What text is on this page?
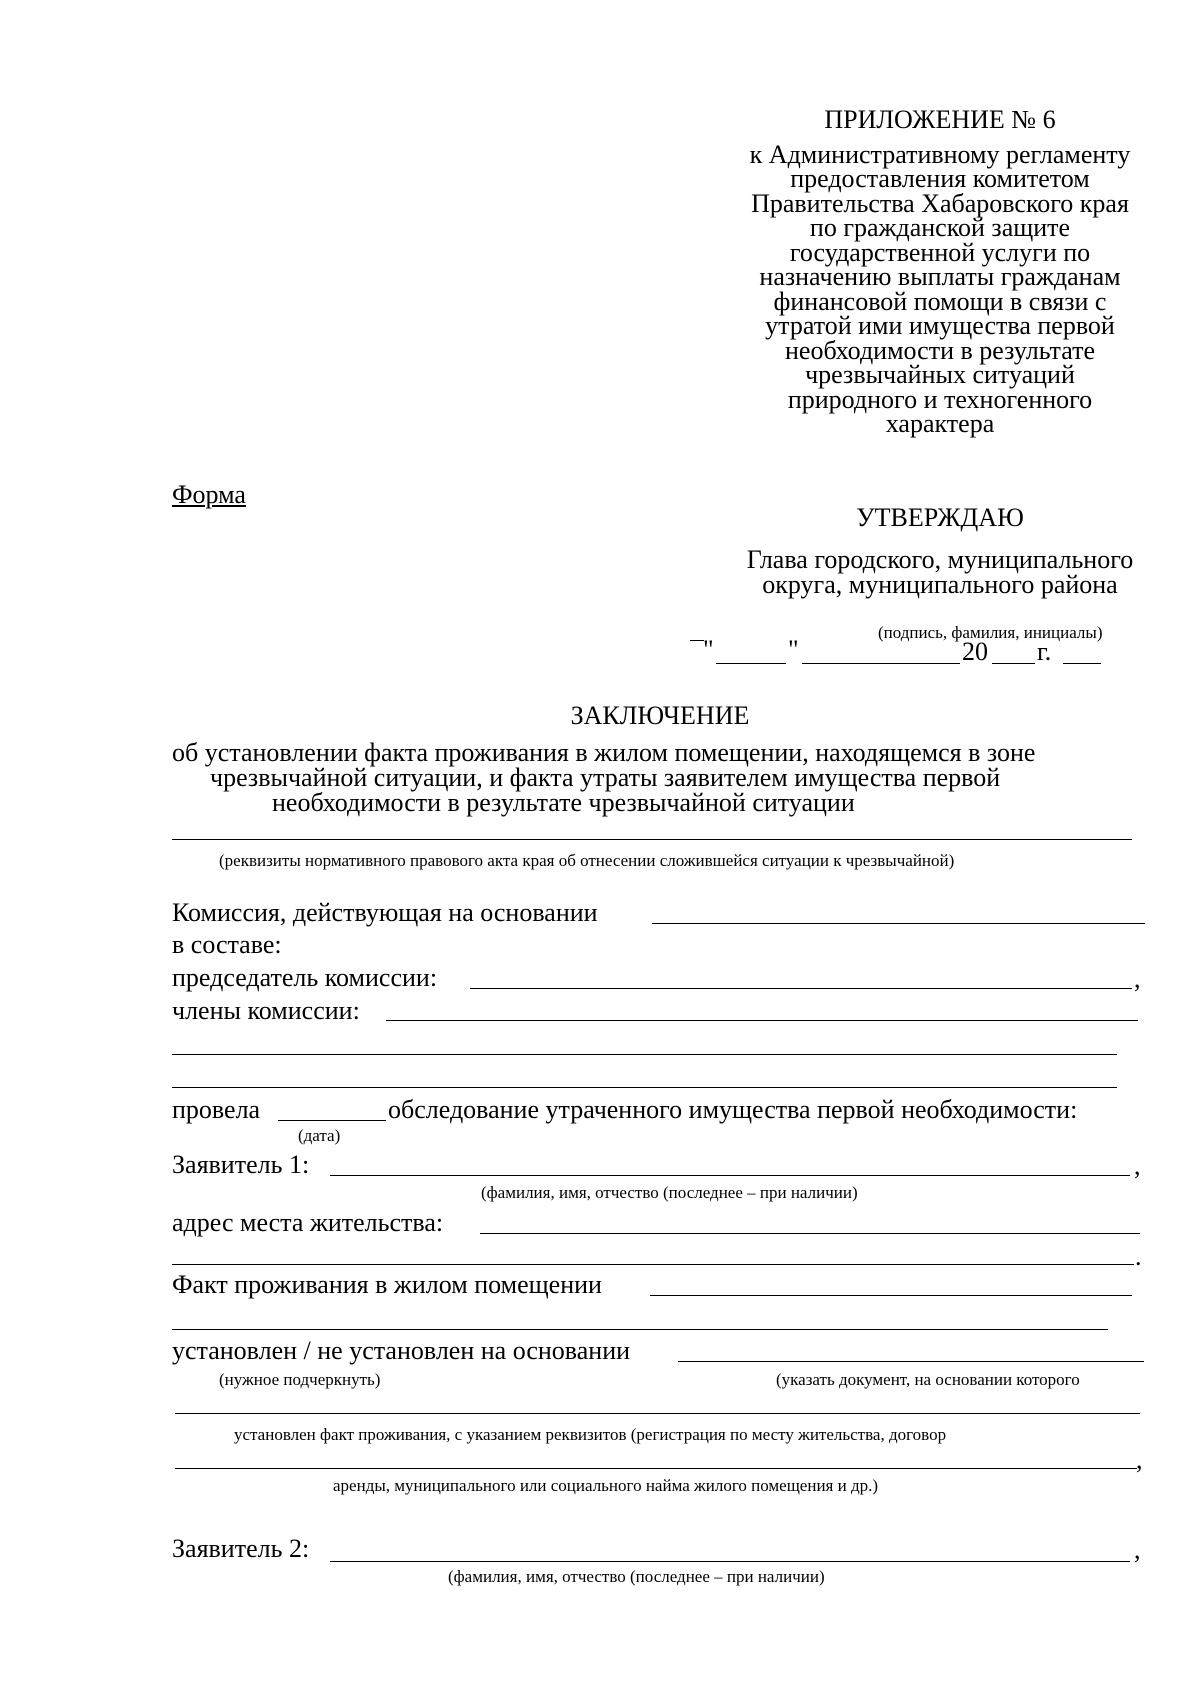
ПРИЛОЖЕНИЕ № 6
к Административному регламенту
предоставления комитетом
Правительства Хабаровского края
по гражданской защите
государственной услуги по
назначению выплаты гражданам
финансовой помощи в связи с
утратой ими имущества первой
необходимости в результате
чрезвычайных ситуаций
природного и техногенного
характера
Форма
УТВЕРЖДАЮ
Глава городского, муниципального
округа, муниципального района
(подпись, фамилия, инициалы)
"	"	20 г.
ЗАКЛЮЧЕНИЕ
об установлении факта проживания в жилом помещении, находящемся в зоне
чрезвычайной ситуации, и факта утраты заявителем имущества первой
необходимости в результате чрезвычайной ситуации
(реквизиты нормативного правового акта края об отнесении сложившейся ситуации к чрезвычайной)
Комиссия, действующая на основании
в составе:
председатель комиссии:	,
члены комиссии:
провела	обследование утраченного имущества первой необходимости:
(дата)
Заявитель 1:	,
(фамилия, имя, отчество (последнее – при наличии)
адрес места жительства:
.
Факт проживания в жилом помещении
установлен / не установлен на основании
(нужное подчеркнуть)	(указать документ, на основании которого
установлен факт проживания, с указанием реквизитов (регистрация по месту жительства, договор
,
аренды, муниципального или социального найма жилого помещения и др.)
Заявитель 2:	,
(фамилия, имя, отчество (последнее – при наличии)
